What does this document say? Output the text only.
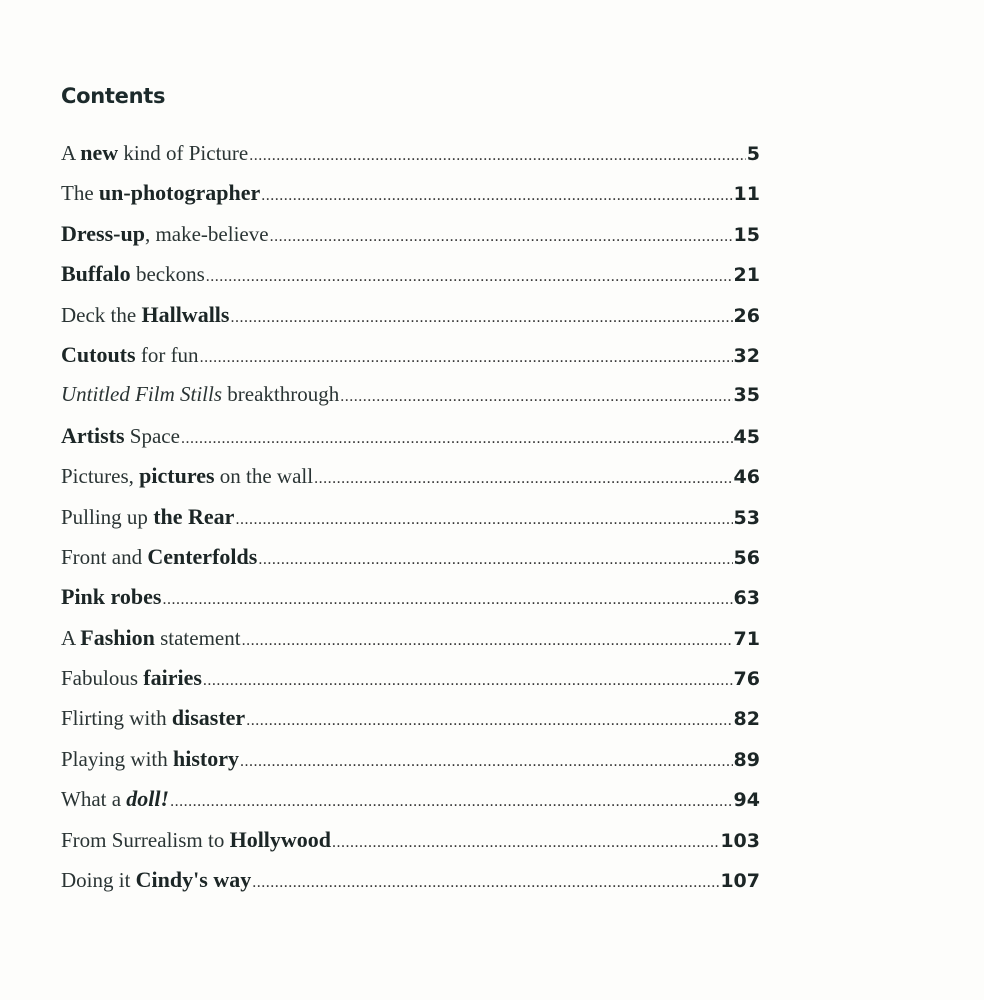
Contents
A new kind of Picture .....	5
The un-photographer .....	11
Dress-up, make-believe .....	15
Buffalo beckons .....	21
Deck the Hallwalls .....	26
Cutouts for fun .....	32
Untitled Film Stills breakthrough .....	35
Artists Space .....	45
Pictures, pictures on the wall .....	46
Pulling up the Rear .....	53
Front and Centerfolds .....	56
Pink robes .....	63
A Fashion statement .....	71
Fabulous fairies .....	76
Flirting with disaster .....	82
Playing with history .....	89
What a doll! .....	94
From Surrealism to Hollywood .....	103
Doing it Cindy's way .....	107
